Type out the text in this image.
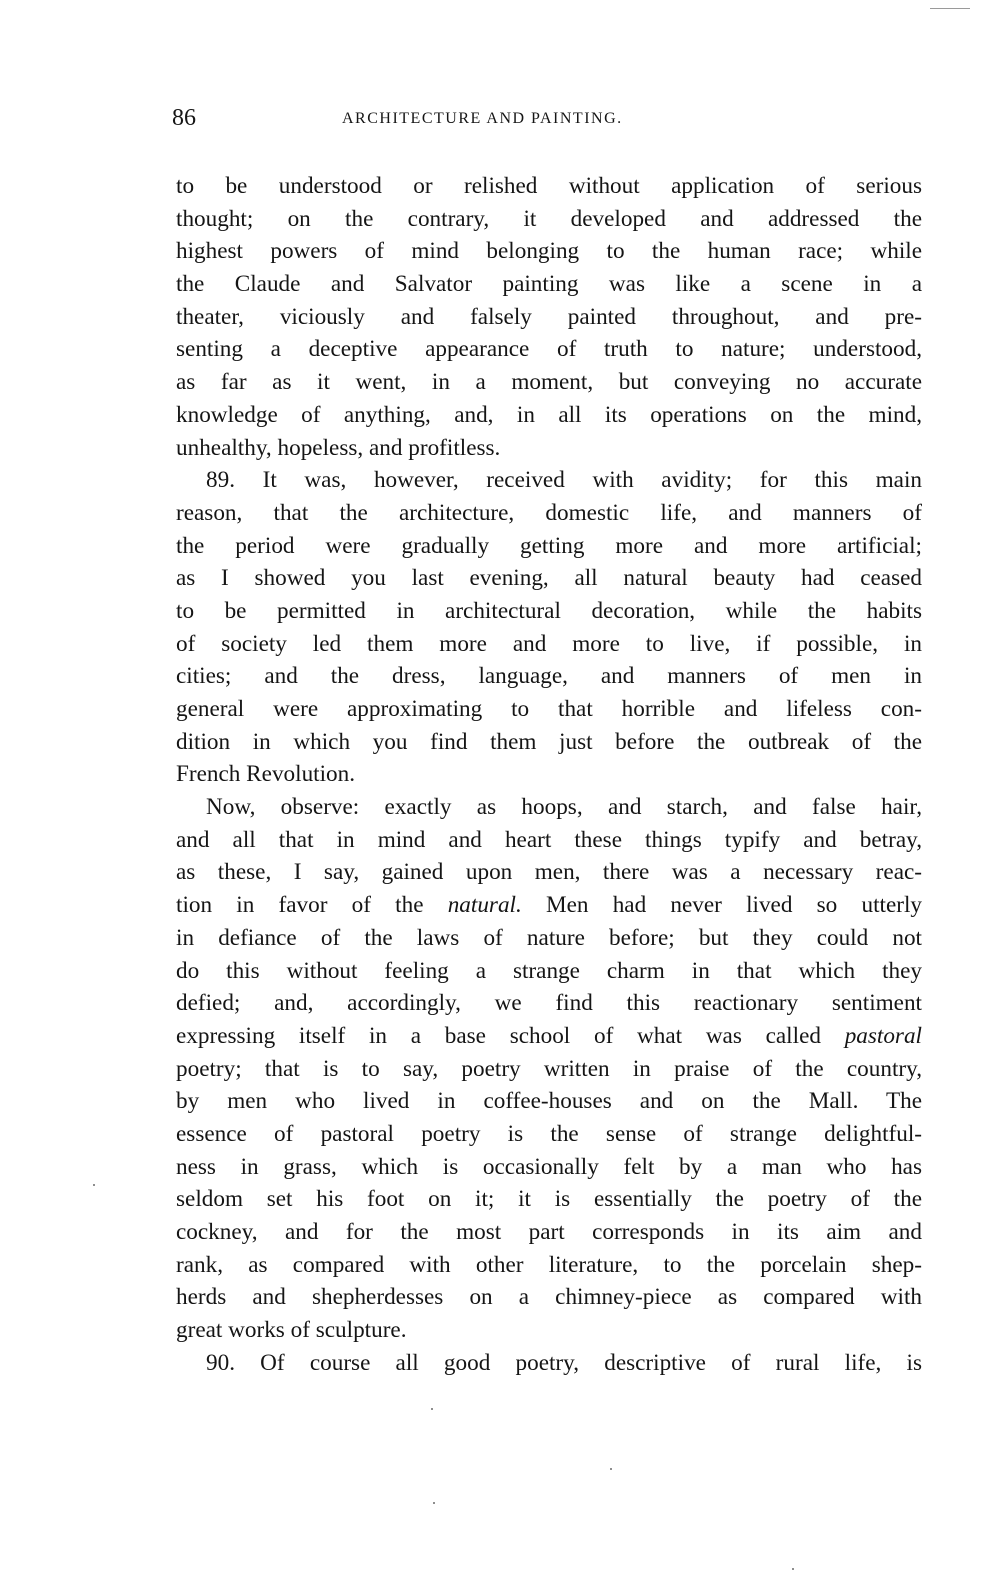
86	ARCHITECTURE AND PAINTING.
to be understood or relished without application of serious
thought; on the contrary, it developed and addressed the
highest powers of mind belonging to the human race; while
the Claude and Salvator painting was like a scene in a
theater, viciously and falsely painted throughout, and pre-
senting a deceptive appearance of truth to nature; understood,
as far as it went, in a moment, but conveying no accurate
knowledge of anything, and, in all its operations on the mind,
unhealthy, hopeless, and profitless.
89. It was, however, received with avidity; for this main
reason, that the architecture, domestic life, and manners of
the period were gradually getting more and more artificial;
as I showed you last evening, all natural beauty had ceased
to be permitted in architectural decoration, while the habits
of society led them more and more to live, if possible, in
cities; and the dress, language, and manners of men in
general were approximating to that horrible and lifeless con-
dition in which you find them just before the outbreak of the
French Revolution.
Now, observe: exactly as hoops, and starch, and false hair,
and all that in mind and heart these things typify and betray,
as these, I say, gained upon men, there was a necessary reac-
tion in favor of the natural. Men had never lived so utterly
in defiance of the laws of nature before; but they could not
do this without feeling a strange charm in that which they
defied; and, accordingly, we find this reactionary sentiment
expressing itself in a base school of what was called pastoral
poetry; that is to say, poetry written in praise of the country,
by men who lived in coffee-houses and on the Mall. The
essence of pastoral poetry is the sense of strange delightful-
ness in grass, which is occasionally felt by a man who has
seldom set his foot on it; it is essentially the poetry of the
cockney, and for the most part corresponds in its aim and
rank, as compared with other literature, to the porcelain shep-
herds and shepherdesses on a chimney-piece as compared with
great works of sculpture.
90. Of course all good poetry, descriptive of rural life, is
